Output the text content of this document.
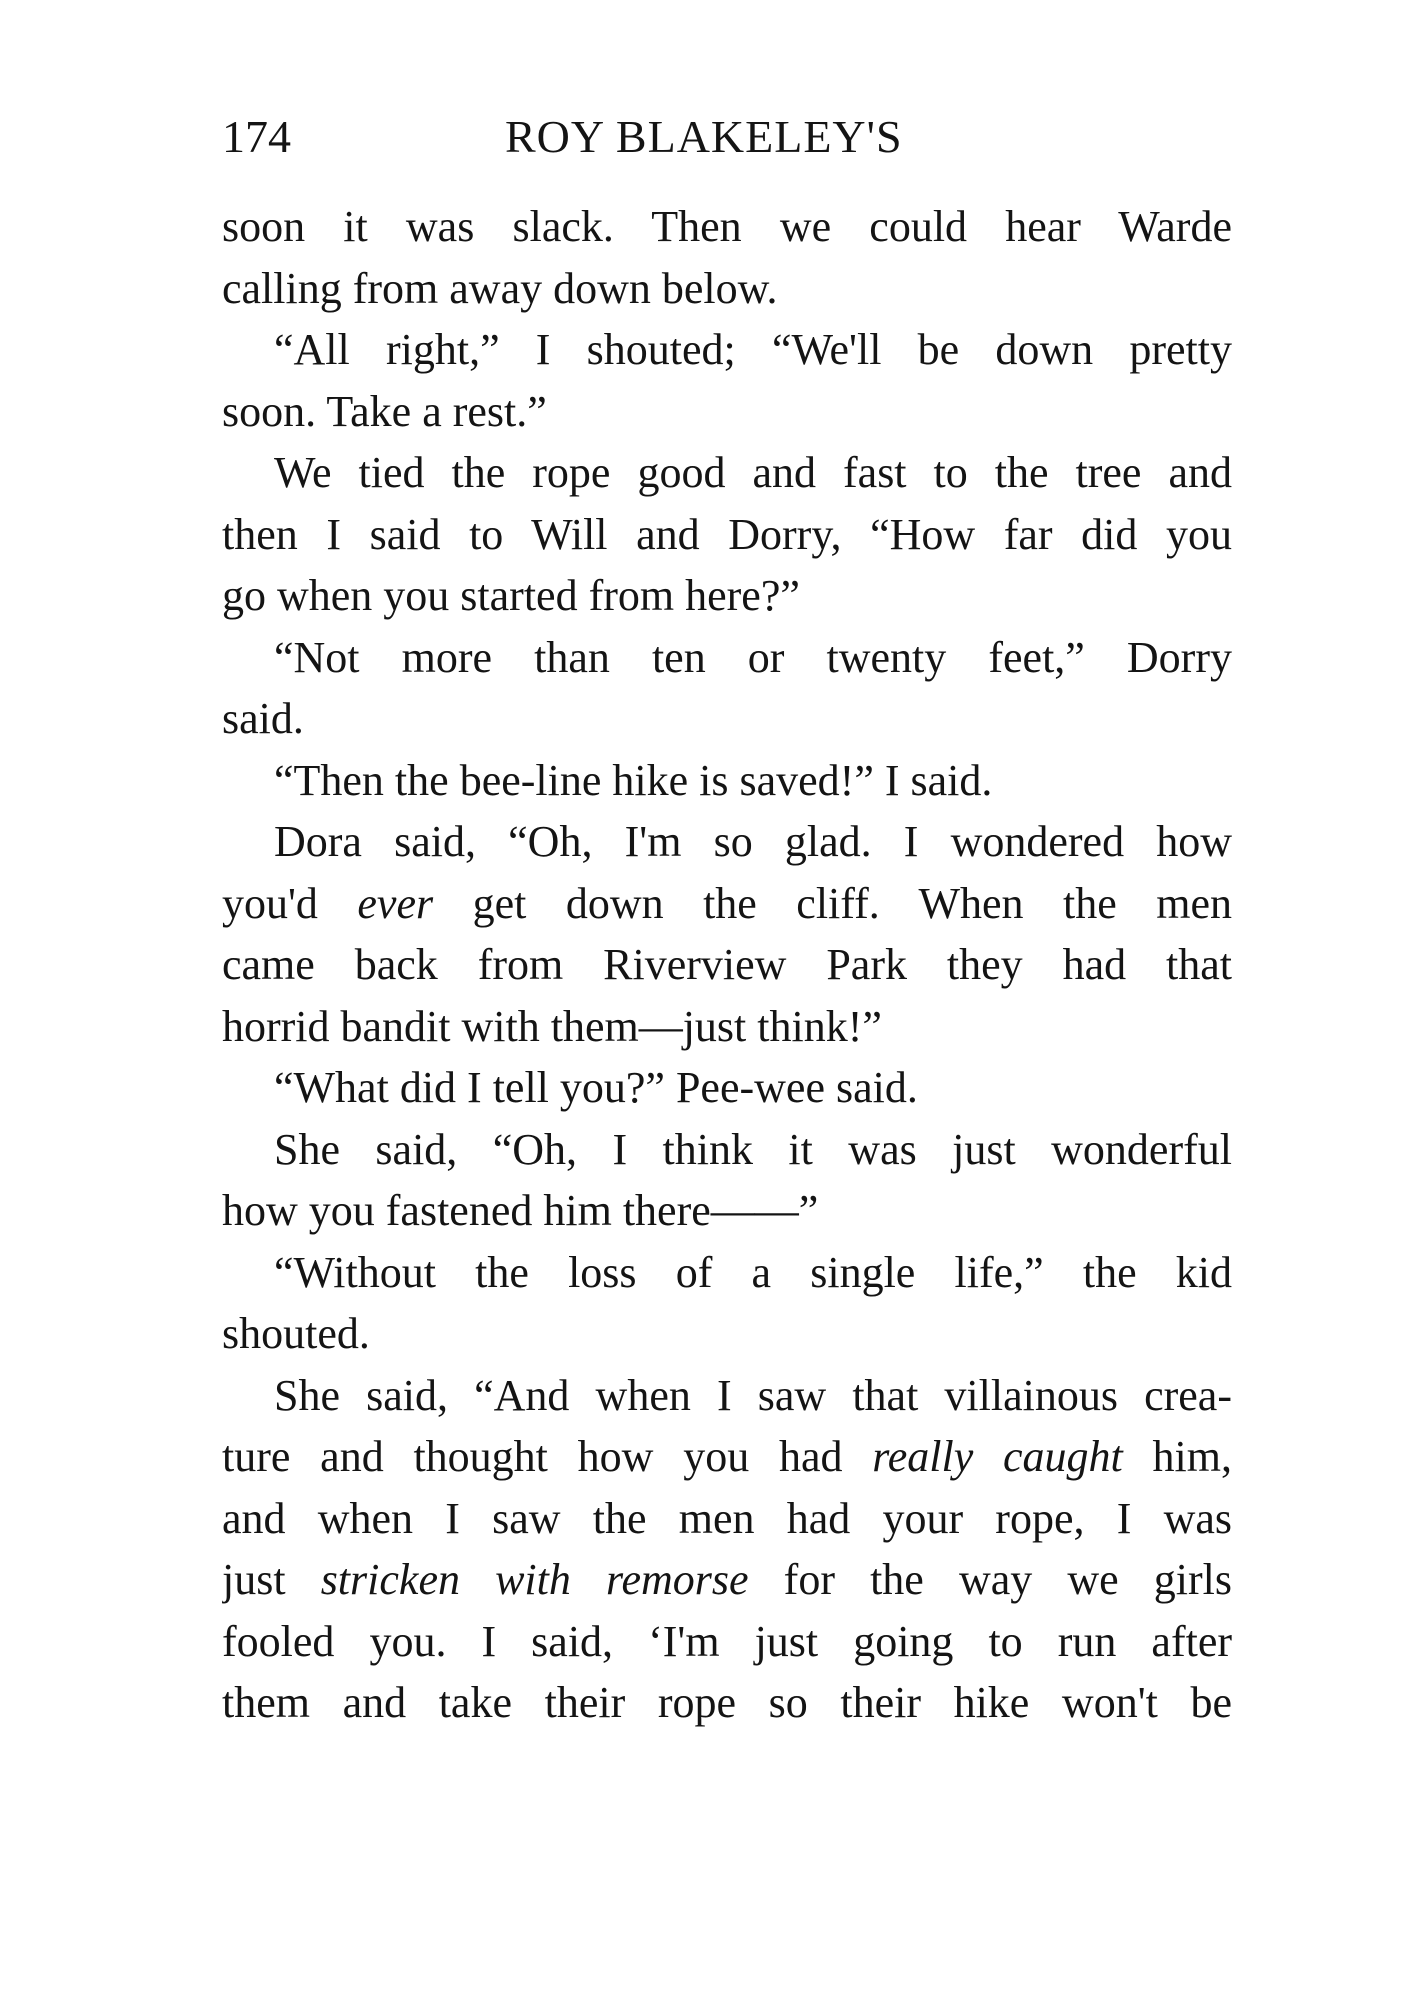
174	ROY BLAKELEY'S
soon it was slack. Then we could hear Warde
calling from away down below.
“All right,” I shouted; “We'll be down pretty
soon. Take a rest.”
We tied the rope good and fast to the tree and
then I said to Will and Dorry, “How far did you
go when you started from here?”
“Not more than ten or twenty feet,” Dorry
said.
“Then the bee-line hike is saved!” I said.
Dora said, “Oh, I'm so glad. I wondered how
you'd ever get down the cliff. When the men
came back from Riverview Park they had that
horrid bandit with them—just think!”
“What did I tell you?” Pee-wee said.
She said, “Oh, I think it was just wonderful
how you fastened him there——”
“Without the loss of a single life,” the kid
shouted.
She said, “And when I saw that villainous crea-
ture and thought how you had really caught him,
and when I saw the men had your rope, I was
just stricken with remorse for the way we girls
fooled you. I said, ‘I'm just going to run after
them and take their rope so their hike won't be
